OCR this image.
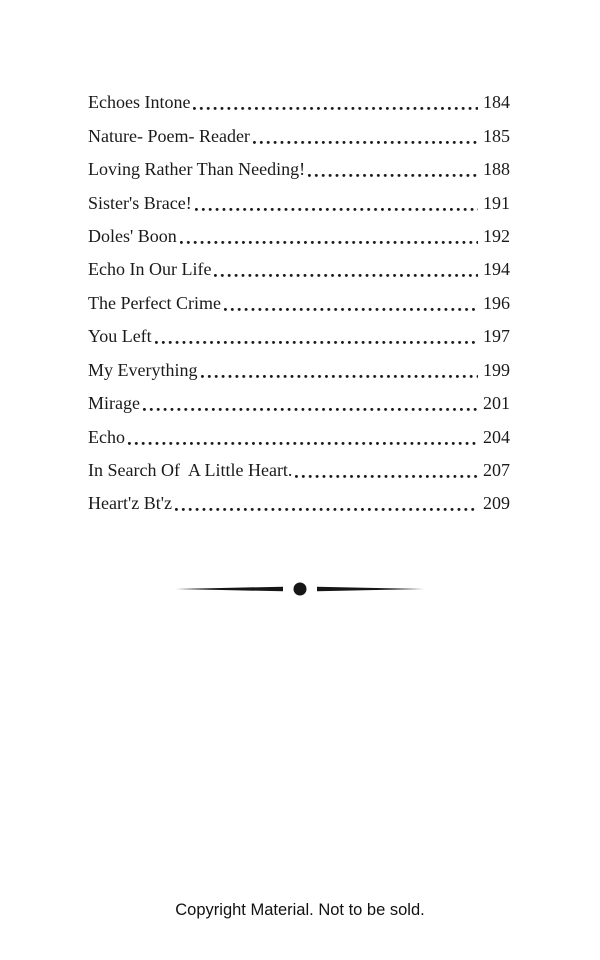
Echoes Intone	184
Nature- Poem- Reader	185
Loving Rather Than Needing!	188
Sister's Brace!	191
Doles' Boon	192
Echo In Our Life	194
The Perfect Crime	196
You Left	197
My Everything	199
Mirage	201
Echo	204
In Search Of  A Little Heart.	207
Heart'z Bt'z	209
Copyright Material. Not to be sold.
